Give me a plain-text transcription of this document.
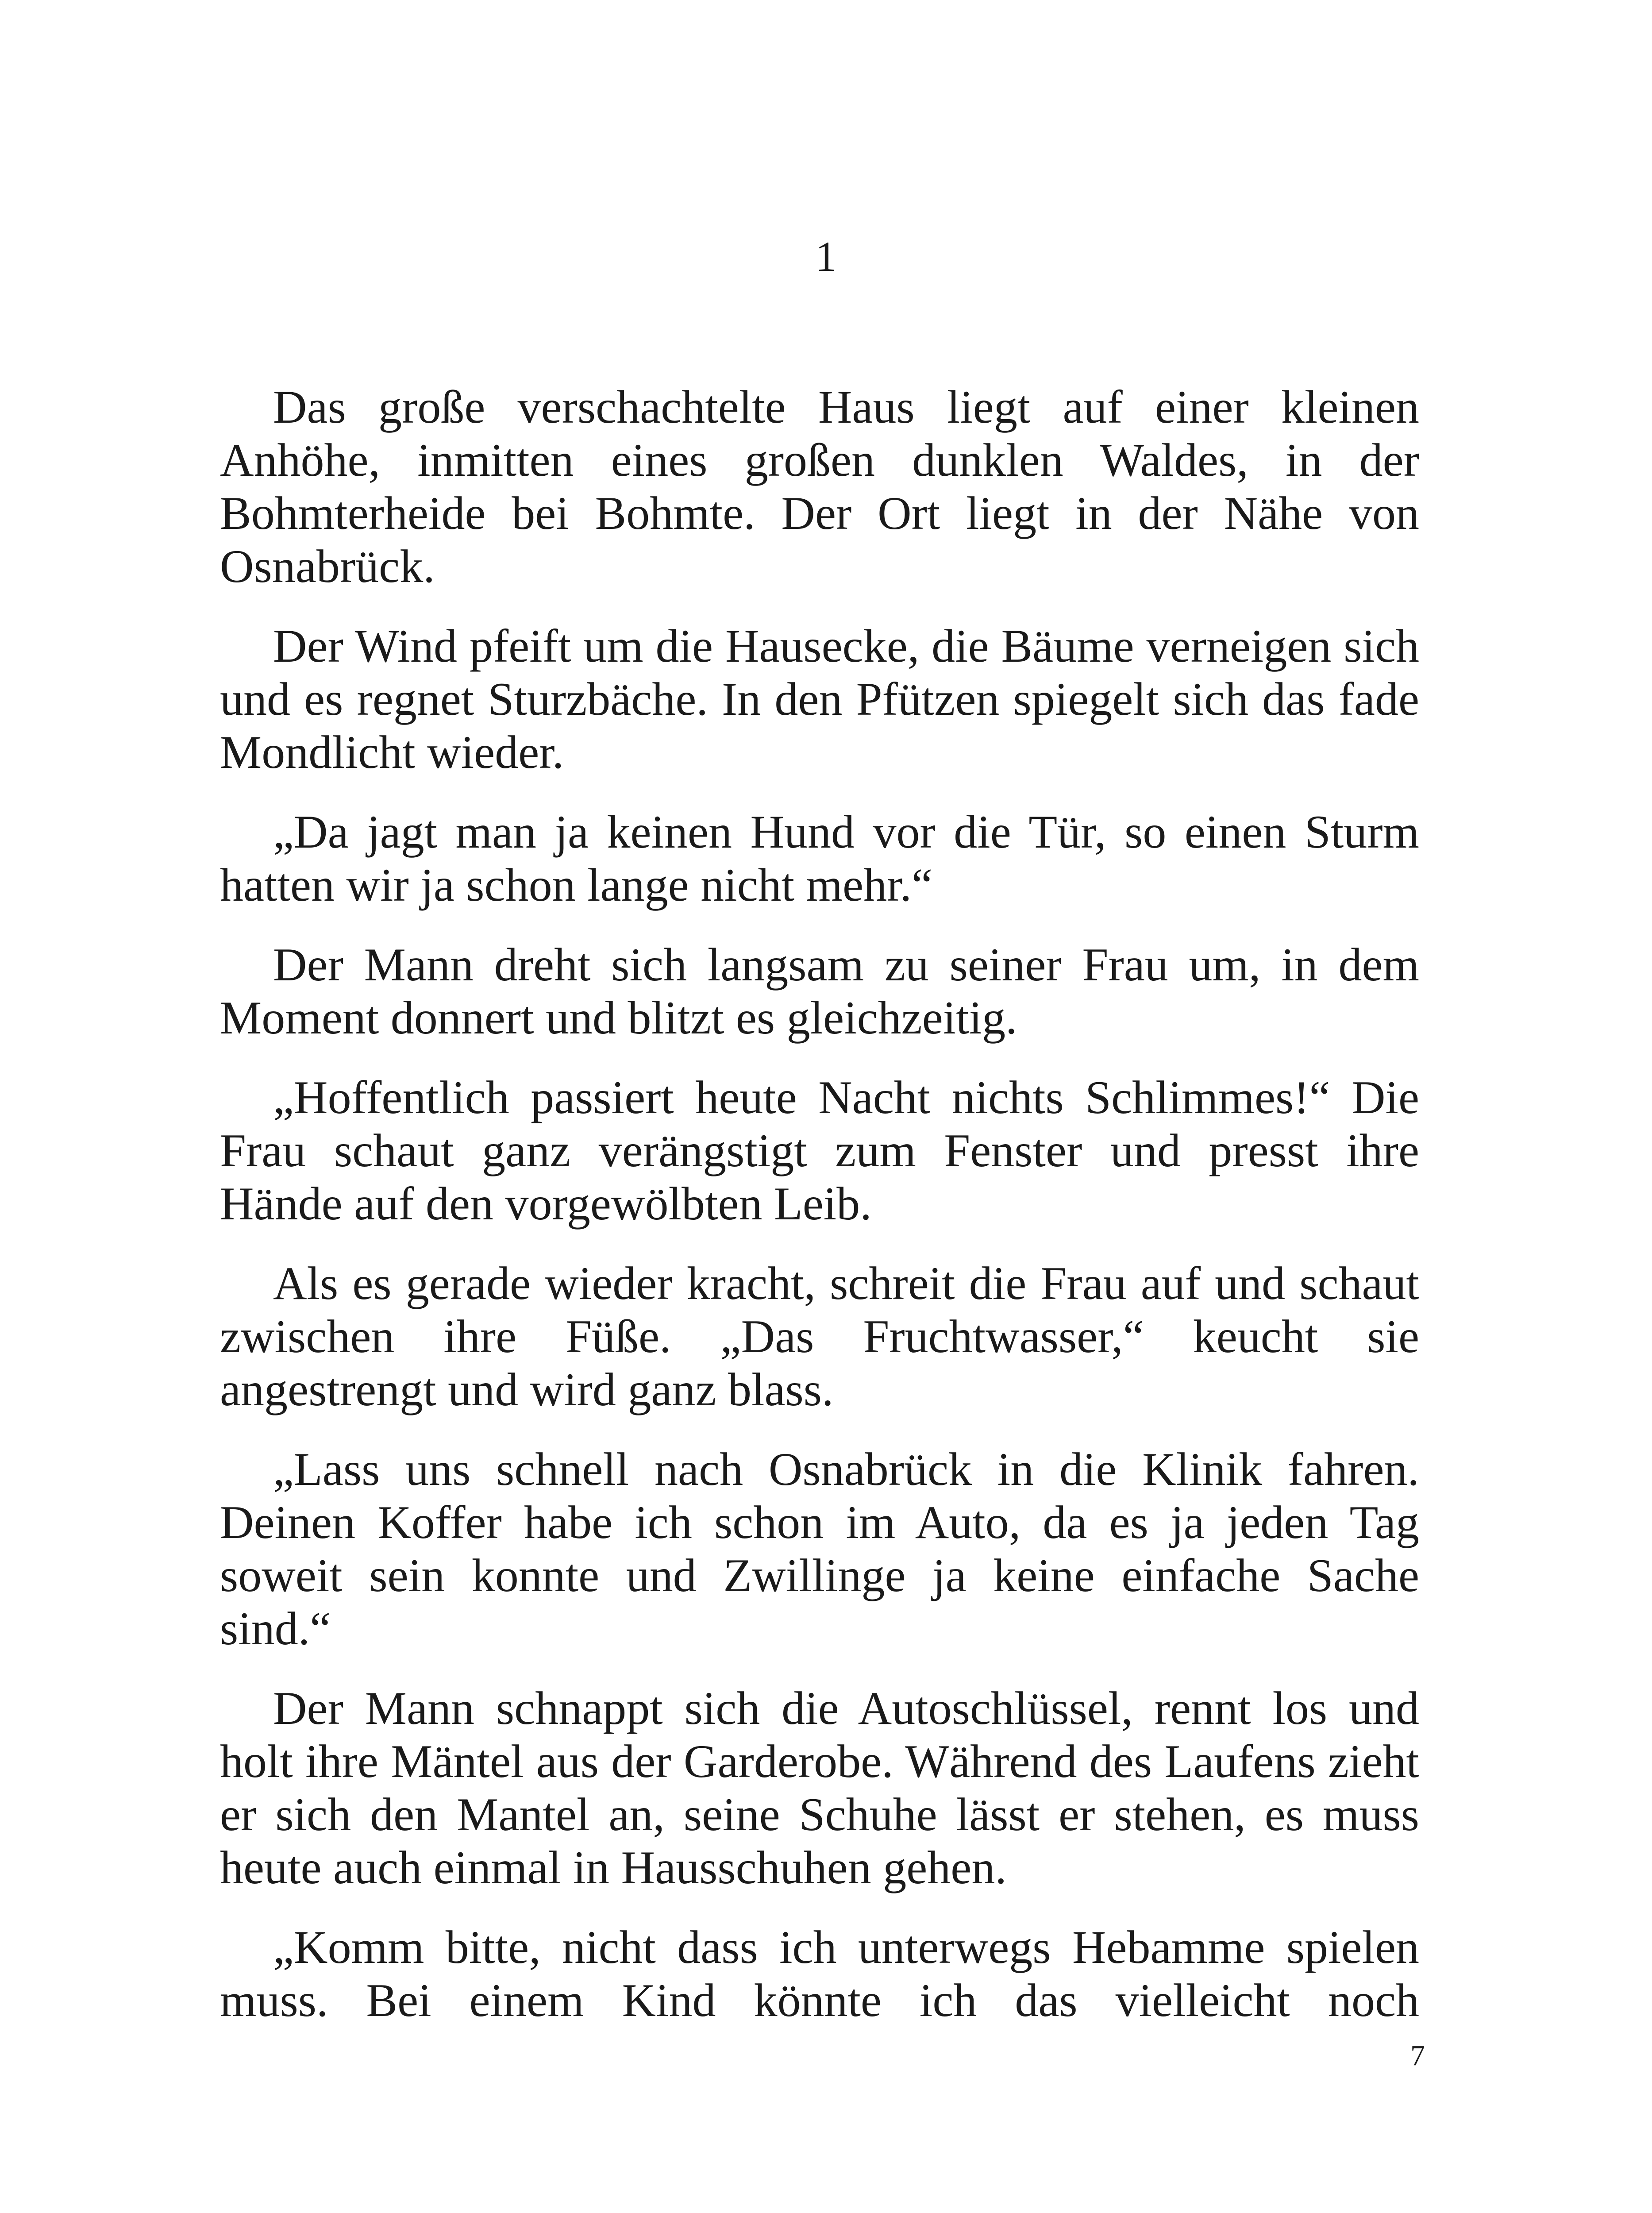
1

Das große verschachtelte Haus liegt auf einer kleinen Anhöhe, inmitten eines großen dunklen Waldes, in der Bohmterheide bei Bohmte. Der Ort liegt in der Nähe von Osnabrück.

Der Wind pfeift um die Hausecke, die Bäume verneigen sich und es regnet Sturzbäche. In den Pfützen spiegelt sich das fade Mondlicht wieder.

„Da jagt man ja keinen Hund vor die Tür, so einen Sturm hatten wir ja schon lange nicht mehr.“

Der Mann dreht sich langsam zu seiner Frau um, in dem Moment donnert und blitzt es gleichzeitig.

„Hoffentlich passiert heute Nacht nichts Schlimmes!“ Die Frau schaut ganz verängstigt zum Fenster und presst ihre Hände auf den vorgewölbten Leib.

Als es gerade wieder kracht, schreit die Frau auf und schaut zwischen ihre Füße. „Das Fruchtwasser,“ keucht sie angestrengt und wird ganz blass.

„Lass uns schnell nach Osnabrück in die Klinik fahren. Deinen Koffer habe ich schon im Auto, da es ja jeden Tag soweit sein konnte und Zwillinge ja keine einfache Sache sind.“

Der Mann schnappt sich die Autoschlüssel, rennt los und holt ihre Mäntel aus der Garderobe. Während des Laufens zieht er sich den Mantel an, seine Schuhe lässt er stehen, es muss heute auch einmal in Hausschuhen gehen.

„Komm bitte, nicht dass ich unterwegs Hebamme spielen muss. Bei einem Kind könnte ich das vielleicht noch

7
